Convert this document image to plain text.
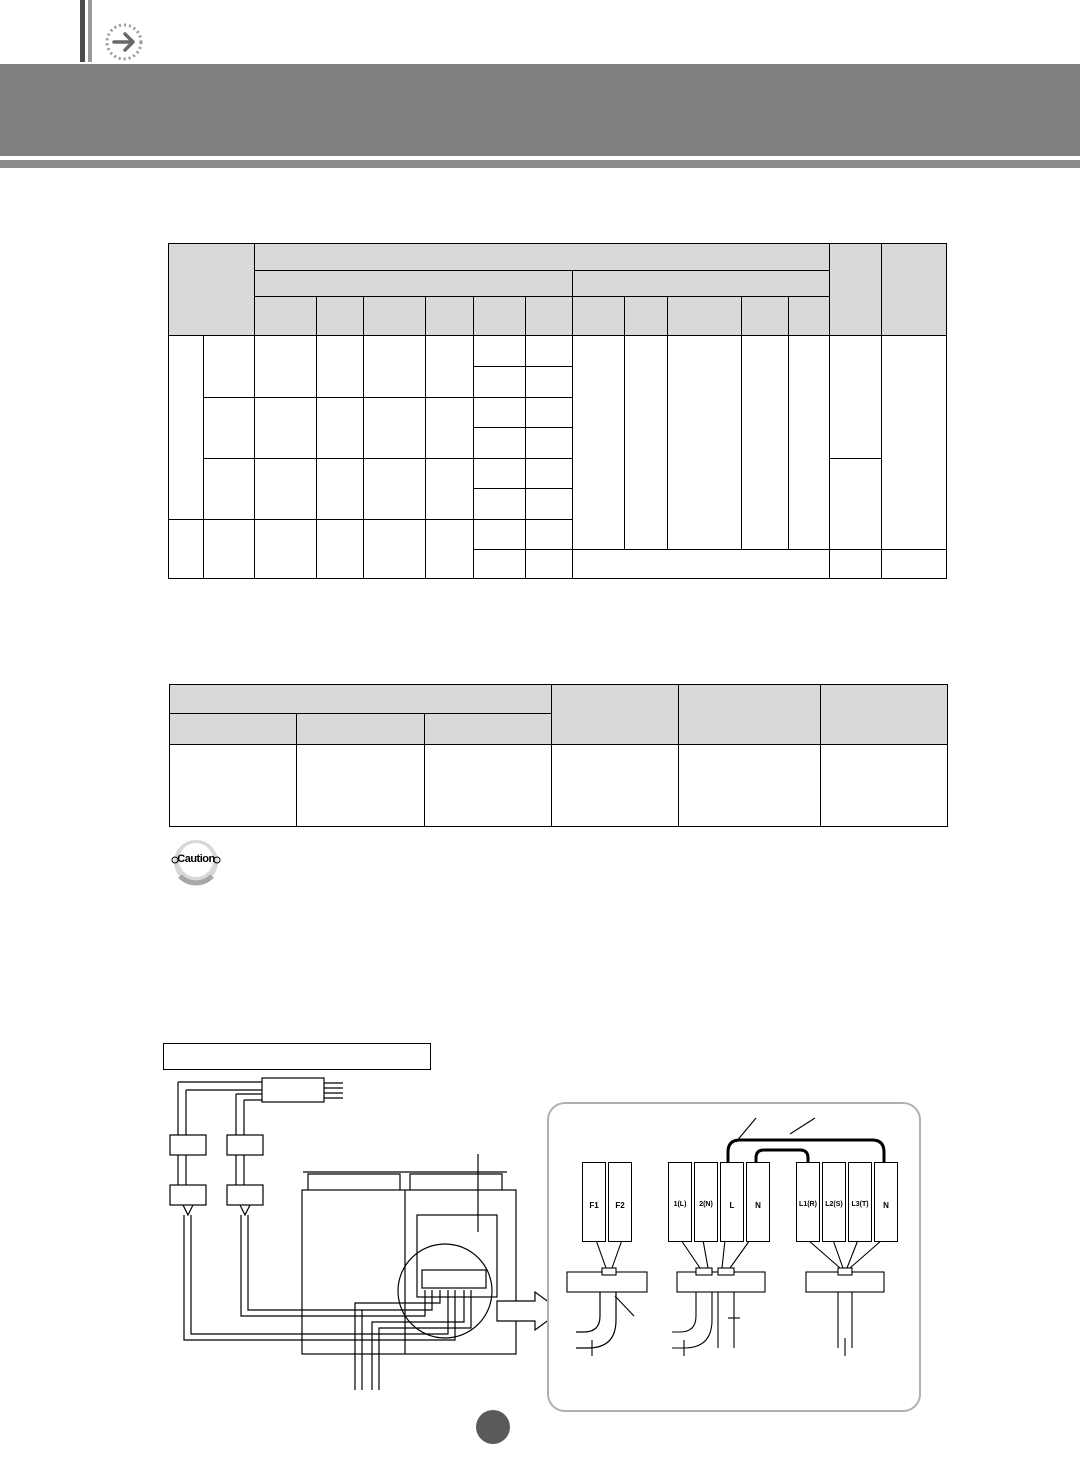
Caution
F1	F2	1(L)	2(N)	L	N	L1(R)	L2(S)	L3(T)	N
